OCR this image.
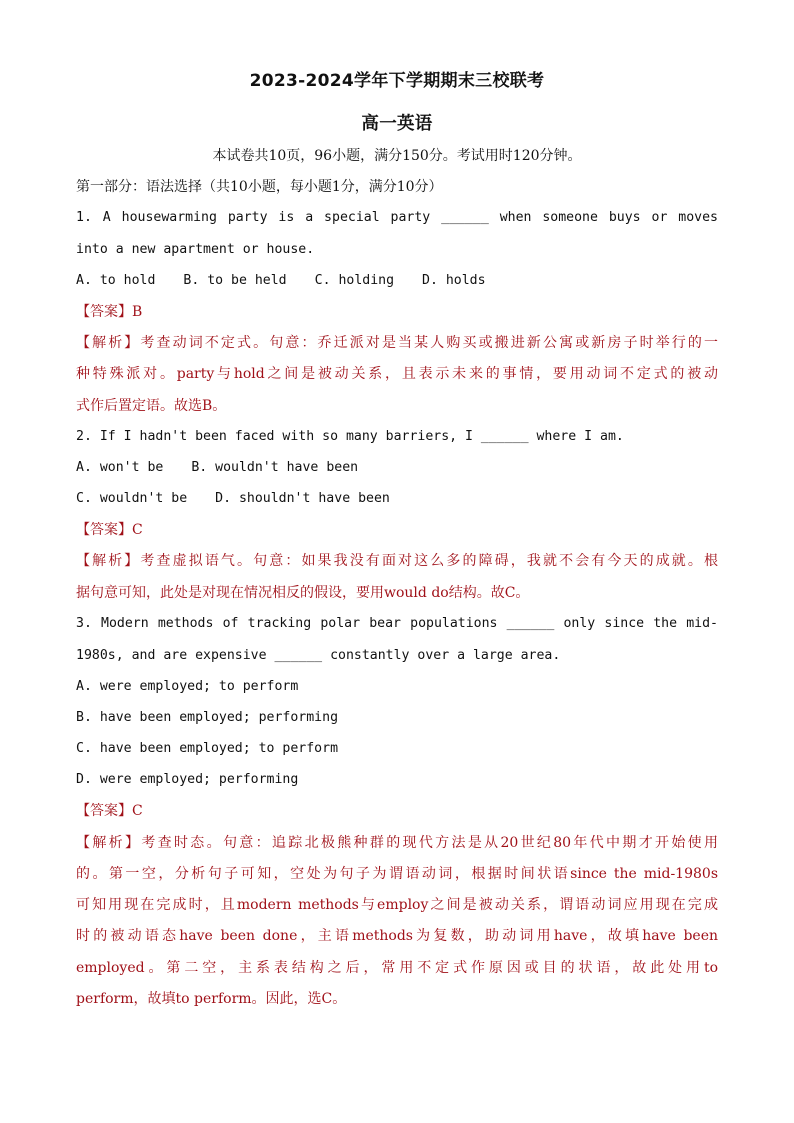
2023-2024学年下学期期末三校联考
高一英语
本试卷共10页，96小题，满分150分。考试用时120分钟。
第一部分：语法选择（共10小题，每小题1分，满分10分）
1. A housewarming party is a special party ______ when someone buys or moves
into a new apartment or house.
A. to hold B. to be held C. holding D. holds
【答案】B
【解析】考查动词不定式。句意：乔迁派对是当某人购买或搬进新公寓或新房子时举行的一
种特殊派对。party与hold之间是被动关系，且表示未来的事情，要用动词不定式的被动
式作后置定语。故选B。
2. If I hadn't been faced with so many barriers, I ______ where I am.
A. won't be B. wouldn't have been
C. wouldn't be D. shouldn't have been
【答案】C
【解析】考查虚拟语气。句意：如果我没有面对这么多的障碍，我就不会有今天的成就。根
据句意可知，此处是对现在情况相反的假设，要用would do结构。故C。
3. Modern methods of tracking polar bear populations ______ only since the mid-
1980s, and are expensive ______ constantly over a large area.
A. were employed; to perform
B. have been employed; performing
C. have been employed; to perform
D. were employed; performing
【答案】C
【解析】考查时态。句意：追踪北极熊种群的现代方法是从20世纪80年代中期才开始使用
的。第一空，分析句子可知，空处为句子为谓语动词，根据时间状语since the mid-1980s
可知用现在完成时，且modern methods与employ之间是被动关系，谓语动词应用现在完成
时的被动语态have been done，主语methods为复数，助动词用have，故填have been
employed。第二空，主系表结构之后，常用不定式作原因或目的状语，故此处用to
perform，故填to perform。因此，选C。
